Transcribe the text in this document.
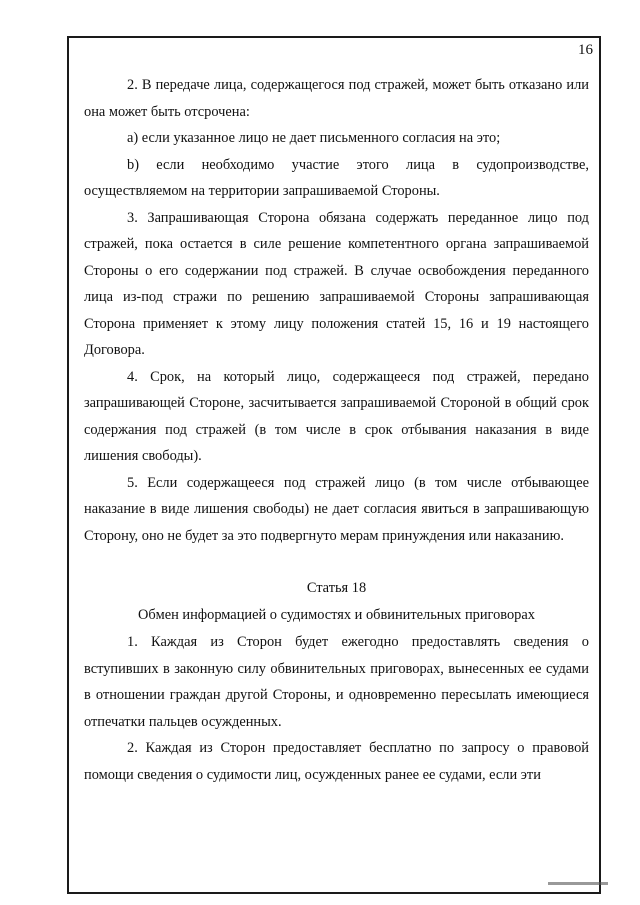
16

2. В передаче лица, содержащегося под стражей, может быть отказано или она может быть отсрочена:

а) если указанное лицо не дает письменного согласия на это;

b) если необходимо участие этого лица в судопроизводстве, осуществляемом на территории запрашиваемой Стороны.

3. Запрашивающая Сторона обязана содержать переданное лицо под стражей, пока остается в силе решение компетентного органа запрашиваемой Стороны о его содержании под стражей. В случае освобождения переданного лица из-под стражи по решению запрашиваемой Стороны запрашивающая Сторона применяет к этому лицу положения статей 15, 16 и 19 настоящего Договора.

4. Срок, на который лицо, содержащееся под стражей, передано запрашивающей Стороне, засчитывается запрашиваемой Стороной в общий срок содержания под стражей (в том числе в срок отбывания наказания в виде лишения свободы).

5. Если содержащееся под стражей лицо (в том числе отбывающее наказание в виде лишения свободы) не дает согласия явиться в запрашивающую Сторону, оно не будет за это подвергнуто мерам принуждения или наказанию.

Статья 18

Обмен информацией о судимостях и обвинительных приговорах

1. Каждая из Сторон будет ежегодно предоставлять сведения о вступивших в законную силу обвинительных приговорах, вынесенных ее судами в отношении граждан другой Стороны, и одновременно пересылать имеющиеся отпечатки пальцев осужденных.

2. Каждая из Сторон предоставляет бесплатно по запросу о правовой помощи сведения о судимости лиц, осужденных ранее ее судами, если эти
